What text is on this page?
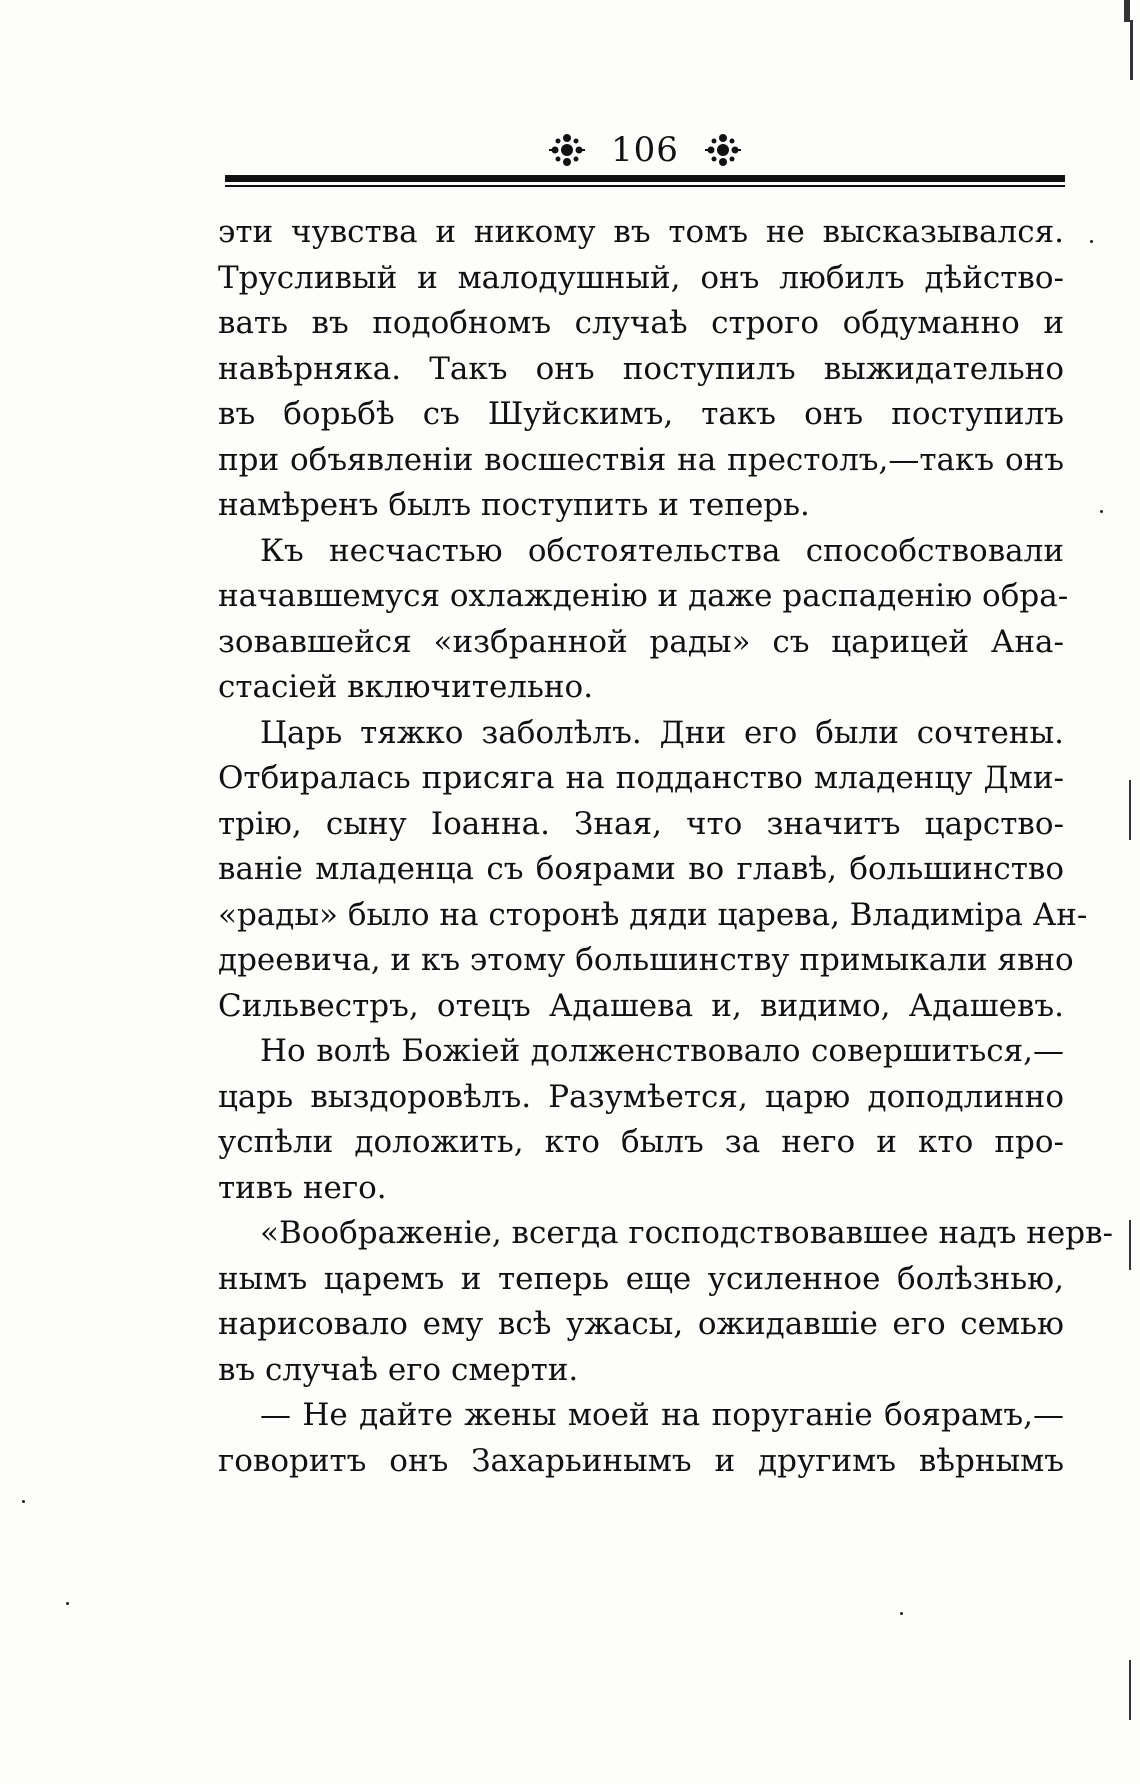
106
эти чувства и никому въ томъ не высказывался.
Трусливый и малодушный, онъ любилъ дѣйство-
вать въ подобномъ случаѣ строго обдуманно и
навѣрняка. Такъ онъ поступилъ выжидательно
въ борьбѣ съ Шуйскимъ, такъ онъ поступилъ
при объявленіи восшествія на престолъ,—такъ онъ
намѣренъ былъ поступить и теперь.
Къ несчастью обстоятельства способствовали
начавшемуся охлажденію и даже распаденію обра-
зовавшейся «избранной рады» съ царицей Ана-
стасіей включительно.
Царь тяжко заболѣлъ. Дни его были сочтены.
Отбиралась присяга на подданство младенцу Дми-
трію, сыну Іоанна. Зная, что значитъ царство-
ваніе младенца съ боярами во главѣ, большинство
«рады» было на сторонѣ дяди царева, Владиміра Ан-
дреевича, и къ этому большинству примыкали явно
Сильвестръ, отецъ Адашева и, видимо, Адашевъ.
Но волѣ Божіей долженствовало совершиться,—
царь выздоровѣлъ. Разумѣется, царю доподлинно
успѣли доложить, кто былъ за него и кто про-
тивъ него.
«Воображеніе, всегда господствовавшее надъ нерв-
нымъ царемъ и теперь еще усиленное болѣзнью,
нарисовало ему всѣ ужасы, ожидавшіе его семью
въ случаѣ его смерти.
— Не дайте жены моей на поруганіе боярамъ,—
говоритъ онъ Захарьинымъ и другимъ вѣрнымъ
